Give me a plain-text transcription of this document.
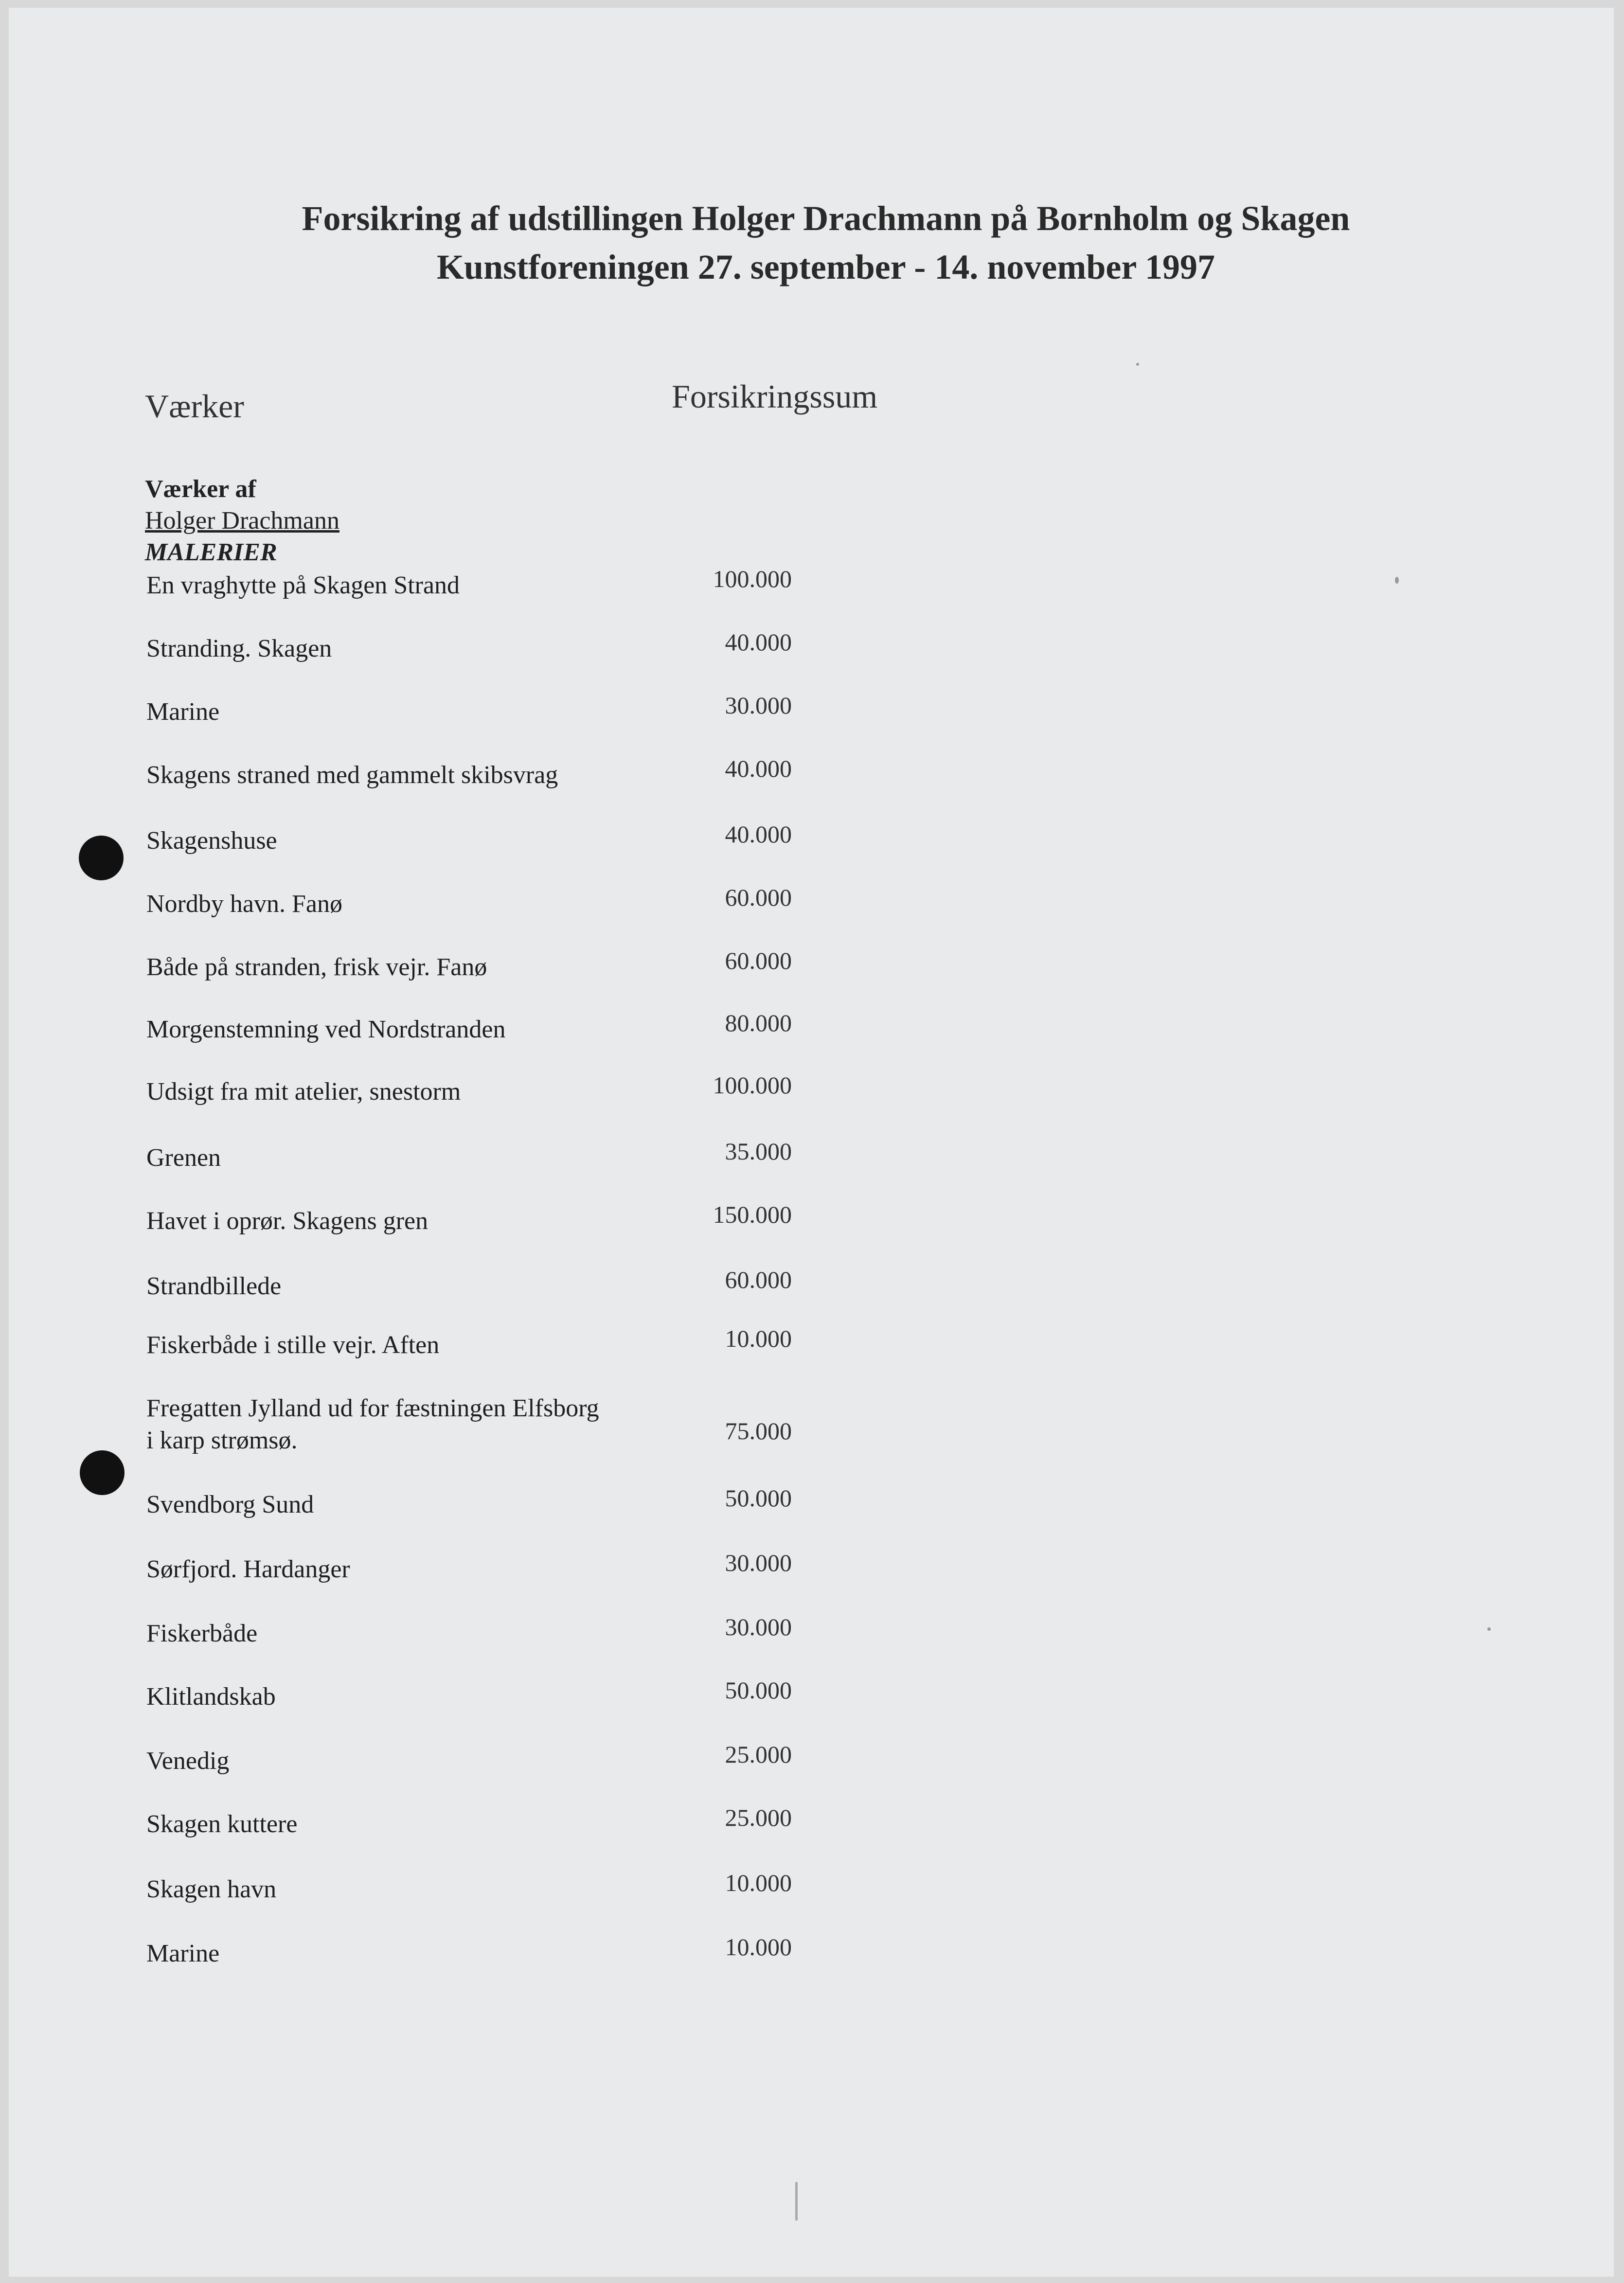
Forsikring af udstillingen Holger Drachmann på Bornholm og Skagen
Kunstforeningen 27. september - 14. november 1997
Værker	Forsikringssum
Værker af
Holger Drachmann
MALERIER
En vraghytte på Skagen Strand	100.000
Stranding. Skagen	40.000
Marine	30.000
Skagens straned med gammelt skibsvrag	40.000
Skagenshuse	40.000
Nordby havn. Fanø	60.000
Både på stranden, frisk vejr. Fanø	60.000
Morgenstemning ved Nordstranden	80.000
Udsigt fra mit atelier, snestorm	100.000
Grenen	35.000
Havet i oprør. Skagens gren	150.000
Strandbillede	60.000
Fiskerbåde i stille vejr. Aften	10.000
Fregatten Jylland ud for fæstningen Elfsborg
i karp strømsø.	75.000
Svendborg Sund	50.000
Sørfjord. Hardanger	30.000
Fiskerbåde	30.000
Klitlandskab	50.000
Venedig	25.000
Skagen kuttere	25.000
Skagen havn	10.000
Marine	10.000
